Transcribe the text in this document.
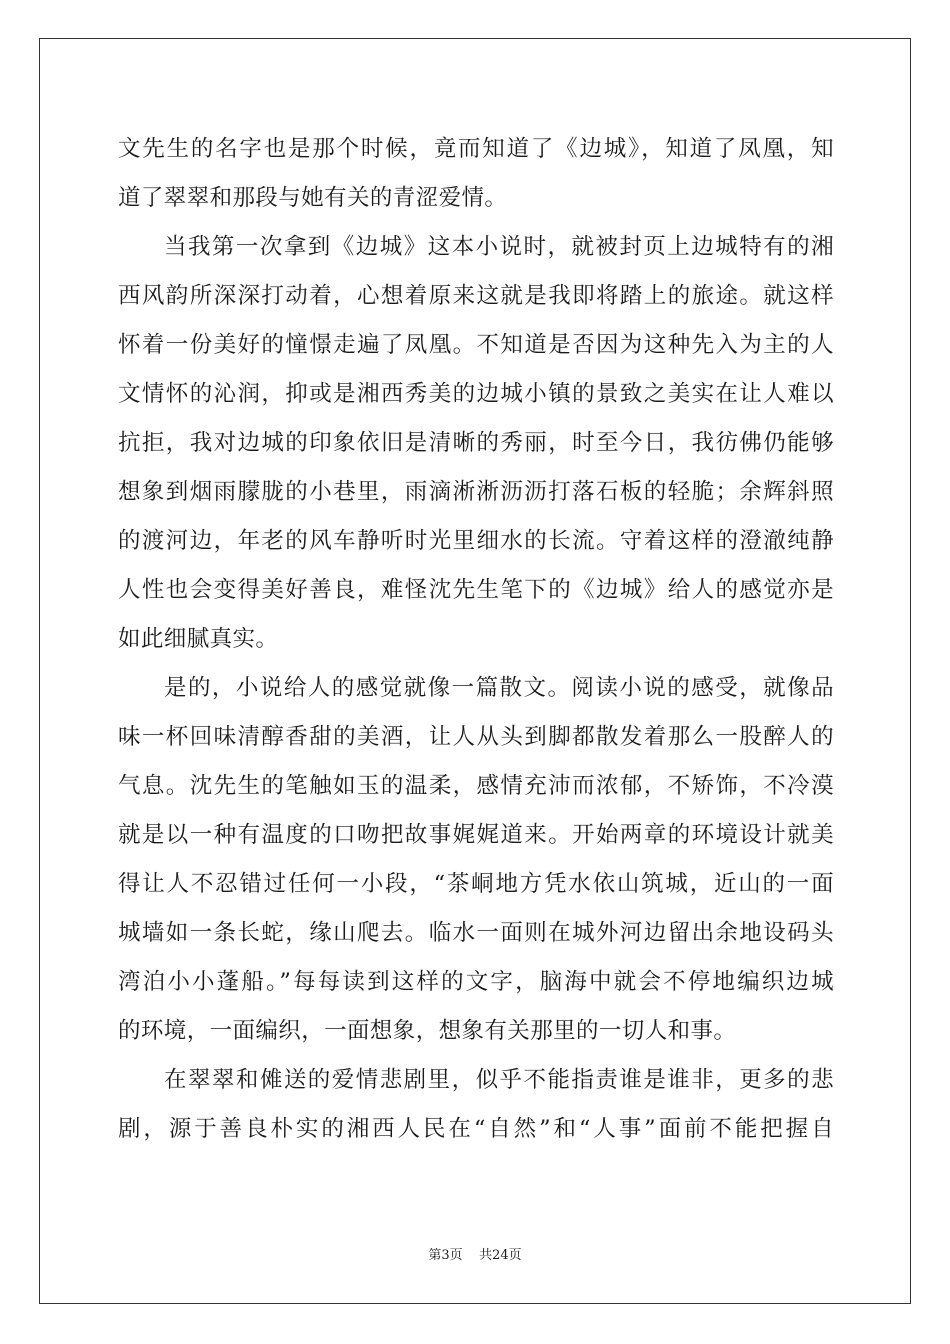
文先生的名字也是那个时候，竟而知道了《边城》，知道了凤凰，知
道了翠翠和那段与她有关的青涩爱情。
当我第一次拿到《边城》这本小说时，就被封页上边城特有的湘
西风韵所深深打动着，心想着原来这就是我即将踏上的旅途。就这样
怀着一份美好的憧憬走遍了凤凰。不知道是否因为这种先入为主的人
文情怀的沁润，抑或是湘西秀美的边城小镇的景致之美实在让人难以
抗拒，我对边城的印象依旧是清晰的秀丽，时至今日，我彷佛仍能够
想象到烟雨朦胧的小巷里，雨滴淅淅沥沥打落石板的轻脆；余辉斜照
的渡河边，年老的风车静听时光里细水的长流。守着这样的澄澈纯静
人性也会变得美好善良，难怪沈先生笔下的《边城》给人的感觉亦是
如此细腻真实。
是的，小说给人的感觉就像一篇散文。阅读小说的感受，就像品
味一杯回味清醇香甜的美酒，让人从头到脚都散发着那么一股醉人的
气息。沈先生的笔触如玉的温柔，感情充沛而浓郁，不矫饰，不冷漠
就是以一种有温度的口吻把故事娓娓道来。开始两章的环境设计就美
得让人不忍错过任何一小段，“茶峒地方凭水依山筑城，近山的一面
城墙如一条长蛇，缘山爬去。临水一面则在城外河边留出余地设码头
湾泊小小蓬船。”每每读到这样的文字，脑海中就会不停地编织边城
的环境，一面编织，一面想象，想象有关那里的一切人和事。
在翠翠和傩送的爱情悲剧里，似乎不能指责谁是谁非，更多的悲
剧，源于善良朴实的湘西人民在“自然”和“人事”面前不能把握自
第3页 共24页
